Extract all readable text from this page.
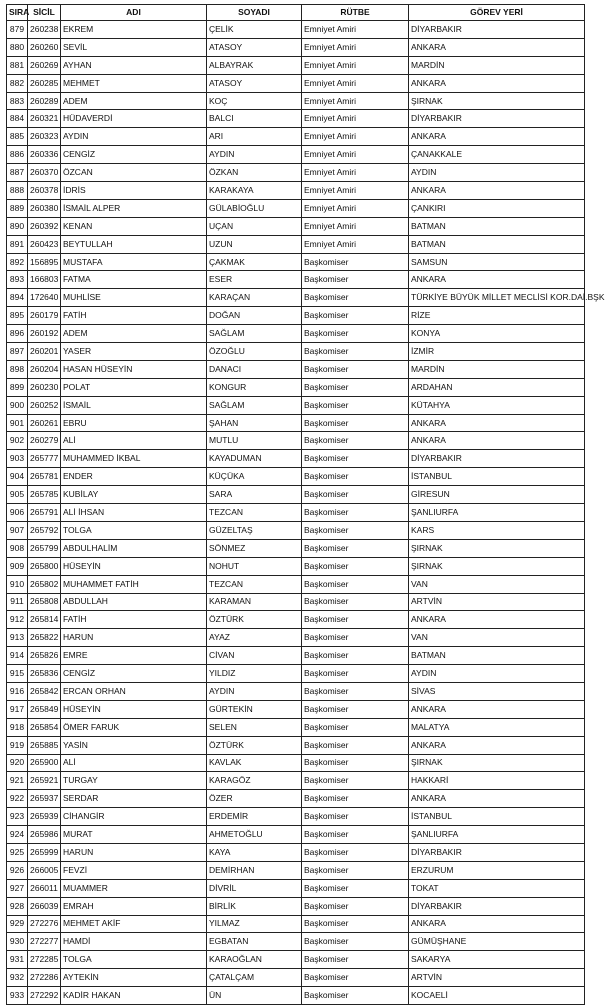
SIRA	SİCİL	ADI	SOYADI	RÜTBE	GÖREV YERİ
879	260238	EKREM	ÇELİK	Emniyet Amiri	DİYARBAKIR
880	260260	SEVİL	ATASOY	Emniyet Amiri	ANKARA
881	260269	AYHAN	ALBAYRAK	Emniyet Amiri	MARDİN
882	260285	MEHMET	ATASOY	Emniyet Amiri	ANKARA
883	260289	ADEM	KOÇ	Emniyet Amiri	ŞIRNAK
884	260321	HÜDAVERDİ	BALCI	Emniyet Amiri	DİYARBAKIR
885	260323	AYDIN	ARI	Emniyet Amiri	ANKARA
886	260336	CENGİZ	AYDIN	Emniyet Amiri	ÇANAKKALE
887	260370	ÖZCAN	ÖZKAN	Emniyet Amiri	AYDIN
888	260378	İDRİS	KARAKAYA	Emniyet Amiri	ANKARA
889	260380	İSMAİL ALPER	GÜLABİOĞLU	Emniyet Amiri	ÇANKIRI
890	260392	KENAN	UÇAN	Emniyet Amiri	BATMAN
891	260423	BEYTULLAH	UZUN	Emniyet Amiri	BATMAN
892	156895	MUSTAFA	ÇAKMAK	Başkomiser	SAMSUN
893	166803	FATMA	ESER	Başkomiser	ANKARA
894	172640	MUHLİSE	KARAÇAN	Başkomiser	TÜRKİYE BÜYÜK MİLLET MECLİSİ KOR.DAİ.BŞK
895	260179	FATİH	DOĞAN	Başkomiser	RİZE
896	260192	ADEM	SAĞLAM	Başkomiser	KONYA
897	260201	YASER	ÖZOĞLU	Başkomiser	İZMİR
898	260204	HASAN HÜSEYİN	DANACI	Başkomiser	MARDİN
899	260230	POLAT	KONGUR	Başkomiser	ARDAHAN
900	260252	İSMAİL	SAĞLAM	Başkomiser	KÜTAHYA
901	260261	EBRU	ŞAHAN	Başkomiser	ANKARA
902	260279	ALİ	MUTLU	Başkomiser	ANKARA
903	265777	MUHAMMED İKBAL	KAYADUMAN	Başkomiser	DİYARBAKIR
904	265781	ENDER	KÜÇÜKA	Başkomiser	İSTANBUL
905	265785	KUBİLAY	SARA	Başkomiser	GİRESUN
906	265791	ALİ İHSAN	TEZCAN	Başkomiser	ŞANLIURFA
907	265792	TOLGA	GÜZELTAŞ	Başkomiser	KARS
908	265799	ABDULHALİM	SÖNMEZ	Başkomiser	ŞIRNAK
909	265800	HÜSEYİN	NOHUT	Başkomiser	ŞIRNAK
910	265802	MUHAMMET FATİH	TEZCAN	Başkomiser	VAN
911	265808	ABDULLAH	KARAMAN	Başkomiser	ARTVİN
912	265814	FATİH	ÖZTÜRK	Başkomiser	ANKARA
913	265822	HARUN	AYAZ	Başkomiser	VAN
914	265826	EMRE	CİVAN	Başkomiser	BATMAN
915	265836	CENGİZ	YILDIZ	Başkomiser	AYDIN
916	265842	ERCAN ORHAN	AYDIN	Başkomiser	SİVAS
917	265849	HÜSEYİN	GÜRTEKİN	Başkomiser	ANKARA
918	265854	ÖMER FARUK	SELEN	Başkomiser	MALATYA
919	265885	YASİN	ÖZTÜRK	Başkomiser	ANKARA
920	265900	ALİ	KAVLAK	Başkomiser	ŞIRNAK
921	265921	TURGAY	KARAGÖZ	Başkomiser	HAKKARİ
922	265937	SERDAR	ÖZER	Başkomiser	ANKARA
923	265939	CİHANGİR	ERDEMİR	Başkomiser	İSTANBUL
924	265986	MURAT	AHMETOĞLU	Başkomiser	ŞANLIURFA
925	265999	HARUN	KAYA	Başkomiser	DİYARBAKIR
926	266005	FEVZİ	DEMİRHAN	Başkomiser	ERZURUM
927	266011	MUAMMER	DİVRİL	Başkomiser	TOKAT
928	266039	EMRAH	BİRLİK	Başkomiser	DİYARBAKIR
929	272276	MEHMET AKİF	YILMAZ	Başkomiser	ANKARA
930	272277	HAMDİ	EGBATAN	Başkomiser	GÜMÜŞHANE
931	272285	TOLGA	KARAOĞLAN	Başkomiser	SAKARYA
932	272286	AYTEKİN	ÇATALÇAM	Başkomiser	ARTVİN
933	272292	KADİR HAKAN	ÜN	Başkomiser	KOCAELİ
